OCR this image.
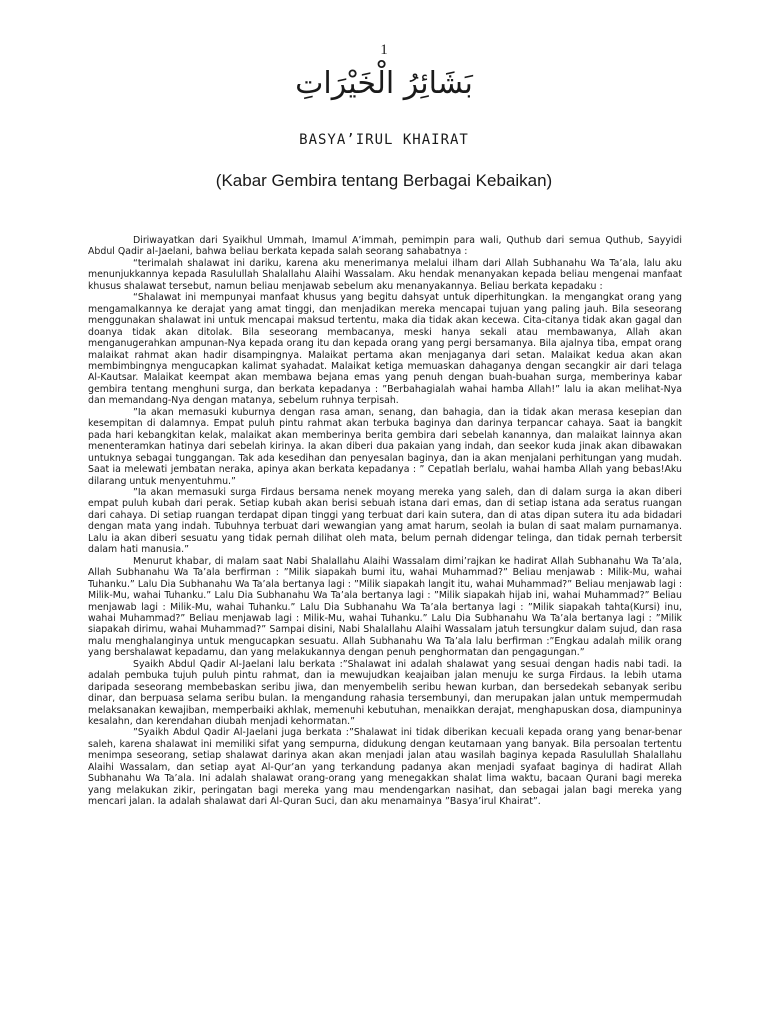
1
بَشَائِرُ الْخَيْرَاتِ
BASYA’IRUL KHAIRAT
(Kabar Gembira tentang Berbagai Kebaikan)

Diriwayatkan dari Syaikhul Ummah, Imamul A’immah, pemimpin para wali, Quthub dari semua Quthub, Sayyidi Abdul Qadir al-Jaelani, bahwa beliau berkata kepada salah seorang sahabatnya :

“terimalah shalawat ini dariku, karena aku menerimanya melalui ilham dari Allah Subhanahu Wa Ta’ala, lalu aku menunjukkannya kepada Rasulullah Shalallahu Alaihi Wassalam. Aku hendak menanyakan kepada beliau mengenai manfaat khusus shalawat tersebut, namun beliau menjawab sebelum aku menanyakannya. Beliau berkata kepadaku :

“Shalawat ini mempunyai manfaat khusus yang begitu dahsyat untuk diperhitungkan. Ia mengangkat orang yang mengamalkannya ke derajat yang amat tinggi, dan menjadikan mereka mencapai tujuan yang paling jauh. Bila seseorang menggunakan shalawat ini untuk mencapai maksud tertentu, maka dia tidak akan kecewa. Cita-citanya tidak akan gagal dan doanya tidak akan ditolak. Bila seseorang membacanya, meski hanya sekali atau membawanya, Allah akan menganugerahkan ampunan-Nya kepada orang itu dan kepada orang yang pergi bersamanya. Bila ajalnya tiba, empat orang malaikat rahmat akan hadir disampingnya. Malaikat pertama akan menjaganya dari setan. Malaikat kedua akan akan membimbingnya mengucapkan kalimat syahadat. Malaikat ketiga memuaskan dahaganya dengan secangkir air dari telaga Al-Kautsar. Malaikat keempat akan membawa bejana emas yang penuh dengan buah-buahan surga, memberinya kabar gembira tentang menghuni surga, dan berkata kepadanya : ”Berbahagialah wahai hamba Allah!” lalu ia akan melihat-Nya dan memandang-Nya dengan matanya, sebelum ruhnya terpisah.

”Ia akan memasuki kuburnya dengan rasa aman, senang, dan bahagia, dan ia tidak akan merasa kesepian dan kesempitan di dalamnya. Empat puluh pintu rahmat akan terbuka baginya dan darinya terpancar cahaya. Saat ia bangkit pada hari kebangkitan kelak, malaikat akan memberinya berita gembira dari sebelah kanannya, dan malaikat lainnya akan menenteramkan hatinya dari sebelah kirinya. Ia akan diberi dua pakaian yang indah, dan seekor kuda jinak akan dibawakan untuknya sebagai tunggangan. Tak ada kesedihan dan penyesalan baginya, dan ia akan menjalani perhitungan yang mudah. Saat ia melewati jembatan neraka, apinya akan berkata kepadanya : ” Cepatlah berlalu, wahai hamba Allah yang bebas!Aku dilarang untuk menyentuhmu.”

”Ia akan memasuki surga Firdaus bersama nenek moyang mereka yang saleh, dan di dalam surga ia akan diberi empat puluh kubah dari perak. Setiap kubah akan berisi sebuah istana dari emas, dan di setiap istana ada seratus ruangan dari cahaya. Di setiap ruangan terdapat dipan tinggi yang terbuat dari kain sutera, dan di atas dipan sutera itu ada bidadari dengan mata yang indah. Tubuhnya terbuat dari wewangian yang amat harum, seolah ia bulan di saat malam purnamanya. Lalu ia akan diberi sesuatu yang tidak pernah dilihat oleh mata, belum pernah didengar telinga, dan tidak pernah terbersit dalam hati manusia.”

Menurut khabar, di malam saat Nabi Shalallahu Alaihi Wassalam dimi’rajkan ke hadirat Allah Subhanahu Wa Ta’ala, Allah Subhanahu Wa Ta’ala berfirman : ”Milik siapakah bumi itu, wahai Muhammad?” Beliau menjawab : Milik-Mu, wahai Tuhanku.” Lalu Dia Subhanahu Wa Ta’ala bertanya lagi : ”Milik siapakah langit itu, wahai Muhammad?” Beliau menjawab lagi : Milik-Mu, wahai Tuhanku.” Lalu Dia Subhanahu Wa Ta’ala bertanya lagi : ”Milik siapakah hijab ini, wahai Muhammad?” Beliau menjawab lagi : Milik-Mu, wahai Tuhanku.” Lalu Dia Subhanahu Wa Ta’ala bertanya lagi : ”Milik siapakah tahta(Kursi) inu, wahai Muhammad?” Beliau menjawab lagi : Milik-Mu, wahai Tuhanku.” Lalu Dia Subhanahu Wa Ta’ala bertanya lagi : ”Milik siapakah dirimu, wahai Muhammad?” Sampai disini, Nabi Shalallahu Alaihi Wassalam jatuh tersungkur dalam sujud, dan rasa malu menghalanginya untuk mengucapkan sesuatu. Allah Subhanahu Wa Ta’ala lalu berfirman :”Engkau adalah milik orang yang bershalawat kepadamu, dan yang melakukannya dengan penuh penghormatan dan pengagungan.”

Syaikh Abdul Qadir Al-Jaelani lalu berkata :”Shalawat ini adalah shalawat yang sesuai dengan hadis nabi tadi. Ia adalah pembuka tujuh puluh pintu rahmat, dan ia mewujudkan keajaiban jalan menuju ke surga Firdaus. Ia lebih utama daripada seseorang membebaskan seribu jiwa, dan menyembelih seribu hewan kurban, dan bersedekah sebanyak seribu dinar, dan berpuasa selama seribu bulan. Ia mengandung rahasia tersembunyi, dan merupakan jalan untuk mempermudah melaksanakan kewajiban, memperbaiki akhlak, memenuhi kebutuhan, menaikkan derajat, menghapuskan dosa, diampuninya kesalahn, dan kerendahan diubah menjadi kehormatan.”

”Syaikh Abdul Qadir Al-Jaelani juga berkata :”Shalawat ini tidak diberikan kecuali kepada orang yang benar-benar saleh, karena shalawat ini memiliki sifat yang sempurna, didukung dengan keutamaan yang banyak. Bila persoalan tertentu menimpa seseorang, setiap shalawat darinya akan akan menjadi jalan atau wasilah baginya kepada Rasulullah Shalallahu Alaihi Wassalam, dan setiap ayat Al-Qur’an yang terkandung padanya akan menjadi syafaat baginya di hadirat Allah Subhanahu Wa Ta’ala. Ini adalah shalawat orang-orang yang menegakkan shalat lima waktu, bacaan Qurani bagi mereka yang melakukan zikir, peringatan bagi mereka yang mau mendengarkan nasihat, dan sebagai jalan bagi mereka yang mencari jalan. Ia adalah shalawat dari Al-Quran Suci, dan aku menamainya ”Basya’irul Khairat”.
